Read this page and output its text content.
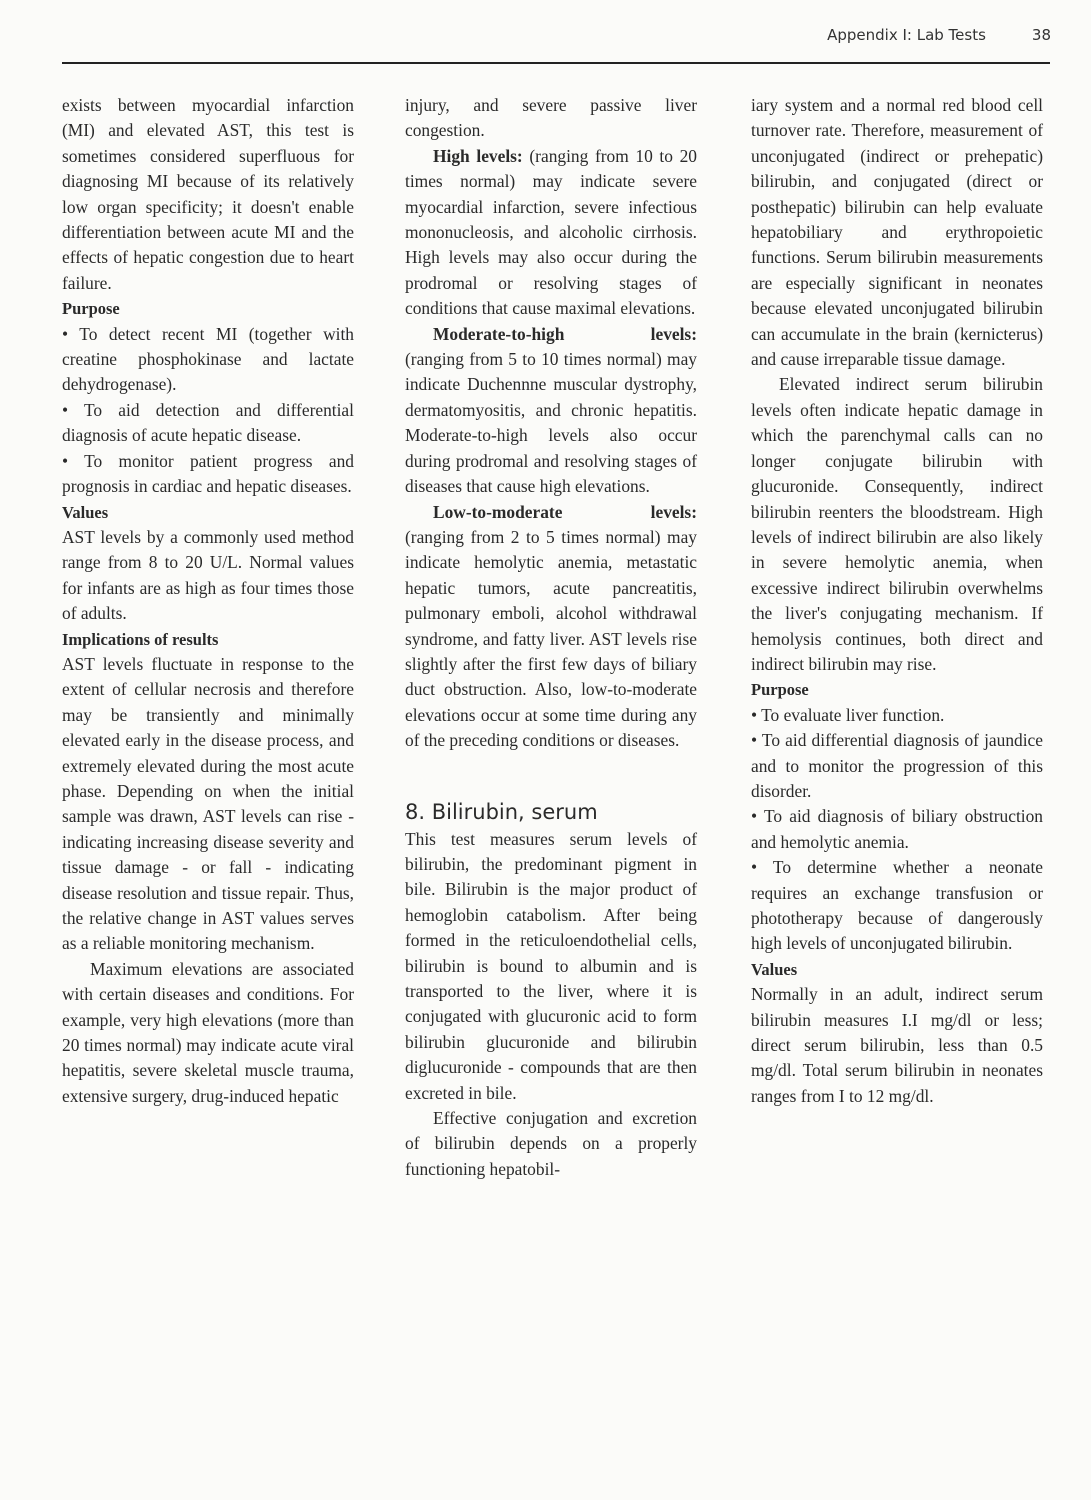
Appendix I: Lab Tests	38

exists between myocardial infarction (MI) and elevated AST, this test is sometimes considered superfluous for diagnosing MI because of its relatively low organ specificity; it doesn't enable differentiation between acute MI and the effects of hepatic congestion due to heart failure.

Purpose

• To detect recent MI (together with creatine phosphokinase and lactate dehydrogenase).

• To aid detection and differential diagnosis of acute hepatic disease.

• To monitor patient progress and prognosis in cardiac and hepatic diseases.

Values

AST levels by a commonly used method range from 8 to 20 U/L. Normal values for infants are as high as four times those of adults.

Implications of results

AST levels fluctuate in response to the extent of cellular necrosis and therefore may be transiently and minimally elevated early in the disease process, and extremely elevated during the most acute phase. Depending on when the initial sample was drawn, AST levels can rise - indicating increasing disease severity and tissue damage - or fall - indicating disease resolution and tissue repair. Thus, the relative change in AST values serves as a reliable monitoring mechanism.

Maximum elevations are associated with certain diseases and conditions. For example, very high elevations (more than 20 times normal) may indicate acute viral hepatitis, severe skeletal muscle trauma, extensive surgery, drug-induced hepatic

injury, and severe passive liver congestion.

High levels: (ranging from 10 to 20 times normal) may indicate severe myocardial infarction, severe infectious mononucleosis, and alcoholic cirrhosis. High levels may also occur during the prodromal or resolving stages of conditions that cause maximal elevations.

Moderate-to-high	levels:

(ranging from 5 to 10 times normal) may indicate Duchennne muscular dystrophy, dermatomyositis, and chronic hepatitis. Moderate-to-high levels also occur during prodromal and resolving stages of diseases that cause high elevations.

Low-to-moderate	levels:

(ranging from 2 to 5 times normal) may indicate hemolytic anemia, metastatic hepatic tumors, acute pancreatitis, pulmonary emboli, alcohol withdrawal syndrome, and fatty liver. AST levels rise slightly after the first few days of biliary duct obstruction. Also, low-to-moderate elevations occur at some time during any of the preceding conditions or diseases.

8. Bilirubin, serum

This test measures serum levels of bilirubin, the predominant pigment in bile. Bilirubin is the major product of hemoglobin catabolism. After being formed in the reticuloendothelial cells, bilirubin is bound to albumin and is transported to the liver, where it is conjugated with glucuronic acid to form bilirubin glucuronide and bilirubin diglucuronide - compounds that are then excreted in bile.

Effective conjugation and excretion of bilirubin depends on a properly functioning hepatobil-

iary system and a normal red blood cell turnover rate. Therefore, measurement of unconjugated (indirect or prehepatic) bilirubin, and conjugated (direct or posthepatic) bilirubin can help evaluate hepatobiliary and erythropoietic functions. Serum bilirubin measurements are especially significant in neonates because elevated unconjugated bilirubin can accumulate in the brain (kernicterus) and cause irreparable tissue damage.

Elevated indirect serum bilirubin levels often indicate hepatic damage in which the parenchymal calls can no longer conjugate bilirubin with glucuronide. Consequently, indirect bilirubin reenters the bloodstream. High levels of indirect bilirubin are also likely in severe hemolytic anemia, when excessive indirect bilirubin overwhelms the liver's conjugating mechanism. If hemolysis continues, both direct and indirect bilirubin may rise.

Purpose

• To evaluate liver function.

• To aid differential diagnosis of jaundice and to monitor the progression of this disorder.

• To aid diagnosis of biliary obstruction and hemolytic anemia.

• To determine whether a neonate requires an exchange transfusion or phototherapy because of dangerously high levels of unconjugated bilirubin.

Values

Normally in an adult, indirect serum bilirubin measures I.I mg/dl or less; direct serum bilirubin, less than 0.5 mg/dl. Total serum bilirubin in neonates ranges from I to 12 mg/dl.
